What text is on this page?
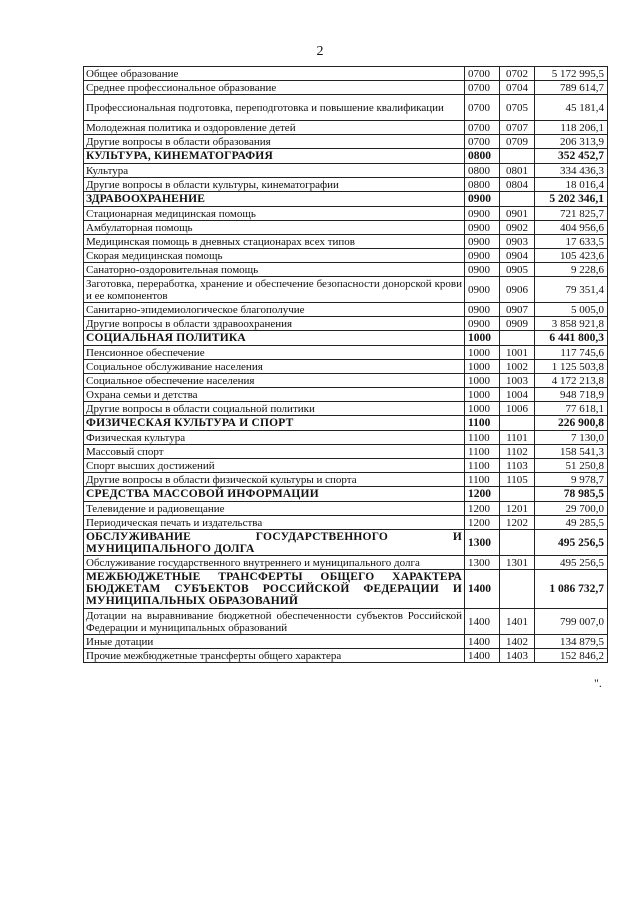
2
Общее образование	0700	0702	5 172 995,5
Среднее профессиональное образование	0700	0704	789 614,7
Профессиональная подготовка, переподготовка и повышение квалификации	0700	0705	45 181,4
Молодежная политика и оздоровление детей	0700	0707	118 206,1
Другие вопросы в области образования	0700	0709	206 313,9
КУЛЬТУРА, КИНЕМАТОГРАФИЯ	0800		352 452,7
Культура	0800	0801	334 436,3
Другие вопросы в области культуры, кинематографии	0800	0804	18 016,4
ЗДРАВООХРАНЕНИЕ	0900		5 202 346,1
Стационарная медицинская помощь	0900	0901	721 825,7
Амбулаторная помощь	0900	0902	404 956,6
Медицинская помощь в дневных стационарах всех типов	0900	0903	17 633,5
Скорая медицинская помощь	0900	0904	105 423,6
Санаторно-оздоровительная помощь	0900	0905	9 228,6
Заготовка, переработка, хранение и обеспечение безопасности донорской крови и ее компонентов	0900	0906	79 351,4
Санитарно-эпидемиологическое благополучие	0900	0907	5 005,0
Другие вопросы в области здравоохранения	0900	0909	3 858 921,8
СОЦИАЛЬНАЯ ПОЛИТИКА	1000		6 441 800,3
Пенсионное обеспечение	1000	1001	117 745,6
Социальное обслуживание населения	1000	1002	1 125 503,8
Социальное обеспечение населения	1000	1003	4 172 213,8
Охрана семьи и детства	1000	1004	948 718,9
Другие вопросы в области социальной политики	1000	1006	77 618,1
ФИЗИЧЕСКАЯ КУЛЬТУРА И СПОРТ	1100		226 900,8
Физическая культура	1100	1101	7 130,0
Массовый спорт	1100	1102	158 541,3
Спорт высших достижений	1100	1103	51 250,8
Другие вопросы в области физической культуры и спорта	1100	1105	9 978,7
СРЕДСТВА МАССОВОЙ ИНФОРМАЦИИ	1200		78 985,5
Телевидение и радиовещание	1200	1201	29 700,0
Периодическая печать и издательства	1200	1202	49 285,5
ОБСЛУЖИВАНИЕ ГОСУДАРСТВЕННОГО И МУНИЦИПАЛЬНОГО ДОЛГА	1300		495 256,5
Обслуживание государственного внутреннего и муниципального долга	1300	1301	495 256,5
МЕЖБЮДЖЕТНЫЕ ТРАНСФЕРТЫ ОБЩЕГО ХАРАКТЕРА БЮДЖЕТАМ СУБЪЕКТОВ РОССИЙСКОЙ ФЕДЕРАЦИИ И МУНИЦИПАЛЬНЫХ ОБРАЗОВАНИЙ	1400		1 086 732,7
Дотации на выравнивание бюджетной обеспеченности субъектов Российской Федерации и муниципальных образований	1400	1401	799 007,0
Иные дотации	1400	1402	134 879,5
Прочие межбюджетные трансферты общего характера	1400	1403	152 846,2
".
